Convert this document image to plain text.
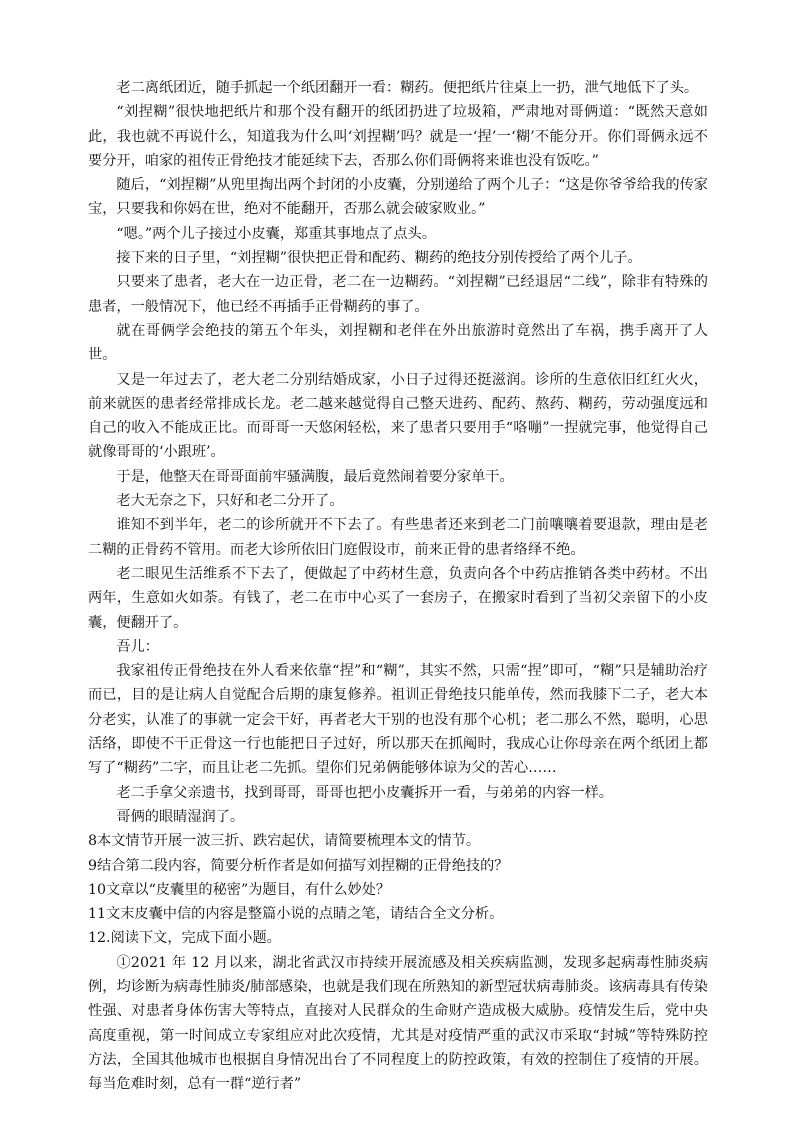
老二离纸团近，随手抓起一个纸团翻开一看：糊药。便把纸片往桌上一扔，泄气地低下了头。

“刘捏糊”很快地把纸片和那个没有翻开的纸团扔进了垃圾箱，严肃地对哥俩道：“既然天意如此，我也就不再说什么，知道我为什么叫‘刘捏糊’吗？就是一‘捏’一‘糊’不能分开。你们哥俩永远不要分开，咱家的祖传正骨绝技才能延续下去，否那么你们哥俩将来谁也没有饭吃。”

随后，“刘捏糊”从兜里掏出两个封闭的小皮囊，分别递给了两个儿子：“这是你爷爷给我的传家宝，只要我和你妈在世，绝对不能翻开，否那么就会破家败业。”

“嗯。”两个儿子接过小皮囊，郑重其事地点了点头。

接下来的日子里，“刘捏糊”很快把正骨和配药、糊药的绝技分别传授给了两个儿子。

只要来了患者，老大在一边正骨，老二在一边糊药。“刘捏糊”已经退居“二线”，除非有特殊的患者，一般情况下，他已经不再插手正骨糊药的事了。

就在哥俩学会绝技的第五个年头，刘捏糊和老伴在外出旅游时竟然出了车祸，携手离开了人世。

又是一年过去了，老大老二分别结婚成家，小日子过得还挺滋润。诊所的生意依旧红红火火，前来就医的患者经常排成长龙。老二越来越觉得自己整天进药、配药、熬药、糊药，劳动强度远和自己的收入不能成正比。而哥哥一天悠闲轻松，来了患者只要用手“咯嘣”一捏就完事，他觉得自己就像哥哥的‘小跟班’。

于是，他整天在哥哥面前牢骚满腹，最后竟然闹着要分家单干。

老大无奈之下，只好和老二分开了。

谁知不到半年，老二的诊所就开不下去了。有些患者还来到老二门前嚷嚷着要退款，理由是老二糊的正骨药不管用。而老大诊所依旧门庭假设市，前来正骨的患者络绎不绝。

老二眼见生活维系不下去了，便做起了中药材生意，负责向各个中药店推销各类中药材。不出两年，生意如火如荼。有钱了，老二在市中心买了一套房子，在搬家时看到了当初父亲留下的小皮囊，便翻开了。

吾儿：

我家祖传正骨绝技在外人看来依靠“捏”和“糊”，其实不然，只需“捏”即可，“糊”只是辅助治疗而已，目的是让病人自觉配合后期的康复修养。祖训正骨绝技只能单传，然而我膝下二子，老大本分老实，认准了的事就一定会干好，再者老大干别的也没有那个心机；老二那么不然，聪明，心思活络，即使不干正骨这一行也能把日子过好，所以那天在抓阄时，我成心让你母亲在两个纸团上都写了“糊药”二字，而且让老二先抓。望你们兄弟俩能够体谅为父的苦心……

老二手拿父亲遗书，找到哥哥，哥哥也把小皮囊拆开一看，与弟弟的内容一样。

哥俩的眼睛湿润了。

8本文情节开展一波三折、跌宕起伏，请简要梳理本文的情节。

9结合第二段内容，简要分析作者是如何描写刘捏糊的正骨绝技的？

10文章以“皮囊里的秘密”为题目，有什么妙处？

11文末皮囊中信的内容是整篇小说的点睛之笔，请结合全文分析。

12.阅读下文，完成下面小题。

①2021 年 12 月以来，湖北省武汉市持续开展流感及相关疾病监测，发现多起病毒性肺炎病例，均诊断为病毒性肺炎/肺部感染，也就是我们现在所熟知的新型冠状病毒肺炎。该病毒具有传染性强、对患者身体伤害大等特点，直接对人民群众的生命财产造成极大威胁。疫情发生后，党中央高度重视，第一时间成立专家组应对此次疫情，尤其是对疫情严重的武汉市采取“封城”等特殊防控方法，全国其他城市也根据自身情况出台了不同程度上的防控政策，有效的控制住了疫情的开展。每当危难时刻，总有一群“逆行者”
